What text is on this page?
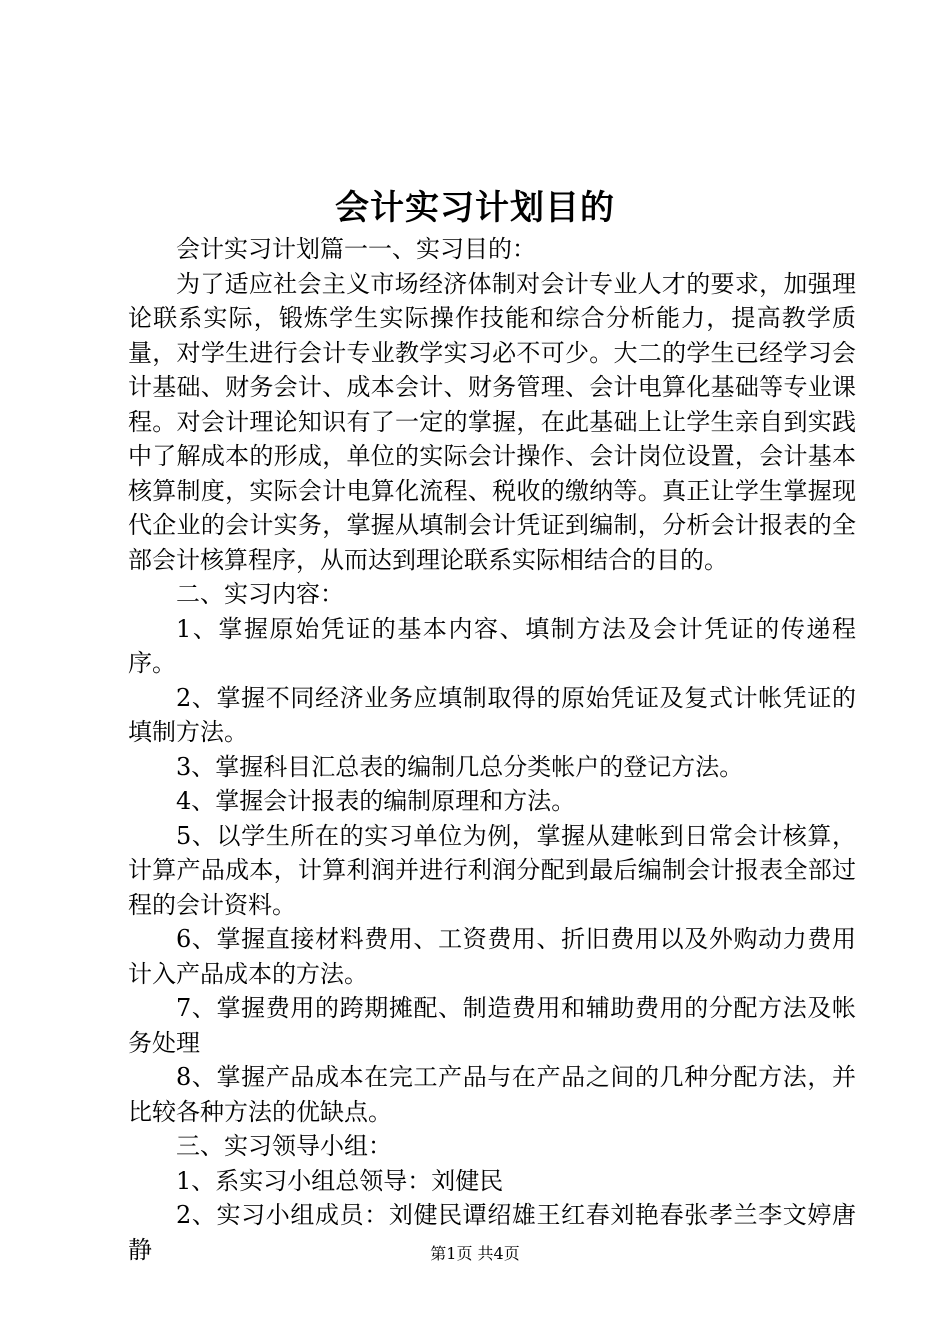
会计实习计划目的

会计实习计划篇一一、实习目的：

为了适应社会主义市场经济体制对会计专业人才的要求，加强理论联系实际，锻炼学生实际操作技能和综合分析能力，提高教学质量，对学生进行会计专业教学实习必不可少。大二的学生已经学习会计基础、财务会计、成本会计、财务管理、会计电算化基础等专业课程。对会计理论知识有了一定的掌握，在此基础上让学生亲自到实践中了解成本的形成，单位的实际会计操作、会计岗位设置，会计基本核算制度，实际会计电算化流程、税收的缴纳等。真正让学生掌握现代企业的会计实务，掌握从填制会计凭证到编制，分析会计报表的全部会计核算程序，从而达到理论联系实际相结合的目的。

二、实习内容：

1、掌握原始凭证的基本内容、填制方法及会计凭证的传递程序。

2、掌握不同经济业务应填制取得的原始凭证及复式计帐凭证的填制方法。

3、掌握科目汇总表的编制几总分类帐户的登记方法。

4、掌握会计报表的编制原理和方法。

5、以学生所在的实习单位为例，掌握从建帐到日常会计核算，计算产品成本，计算利润并进行利润分配到最后编制会计报表全部过程的会计资料。

6、掌握直接材料费用、工资费用、折旧费用以及外购动力费用计入产品成本的方法。

7、掌握费用的跨期摊配、制造费用和辅助费用的分配方法及帐务处理

8、掌握产品成本在完工产品与在产品之间的几种分配方法，并比较各种方法的优缺点。

三、实习领导小组：

1、系实习小组总领导：刘健民

2、实习小组成员：刘健民谭绍雄王红春刘艳春张孝兰李文婷唐静	第1页 共4页
